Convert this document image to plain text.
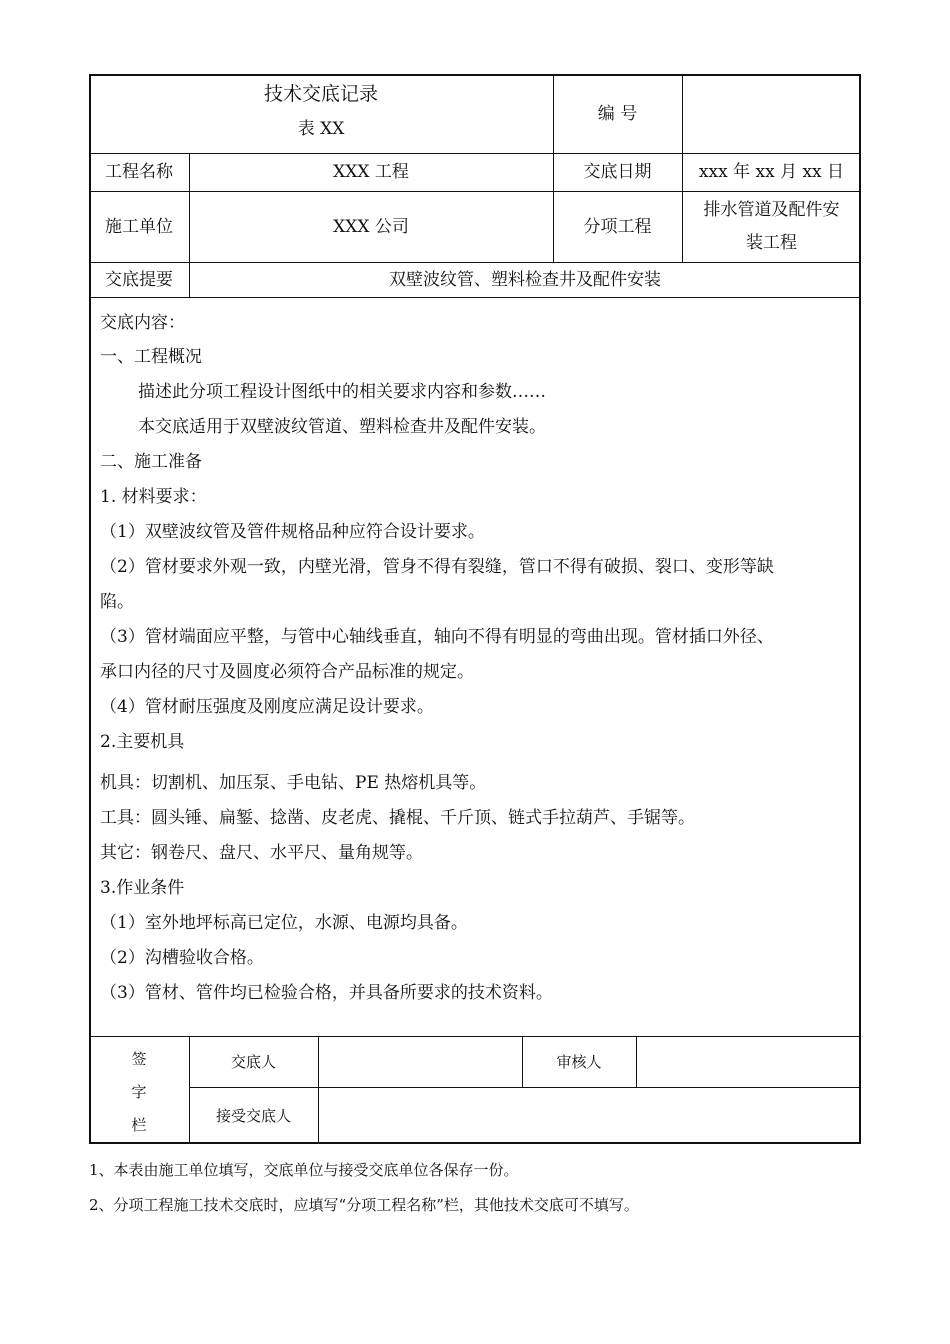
技术交底记录
表 XX
编 号
工程名称	XXX 工程	交底日期	xxx 年 xx 月 xx 日
施工单位	XXX 公司	分项工程
排水管道及配件安
装工程
交底提要	双壁波纹管、塑料检查井及配件安装
交底内容：
一、工程概况
描述此分项工程设计图纸中的相关要求内容和参数……
本交底适用于双壁波纹管道、塑料检查井及配件安装。
二、施工准备
1. 材料要求：
（1）双壁波纹管及管件规格品种应符合设计要求。
（2）管材要求外观一致，内壁光滑，管身不得有裂缝，管口不得有破损、裂口、变形等缺
陷。
（3）管材端面应平整，与管中心轴线垂直，轴向不得有明显的弯曲出现。管材插口外径、
承口内径的尺寸及圆度必须符合产品标准的规定。
（4）管材耐压强度及刚度应满足设计要求。
2.主要机具
机具：切割机、加压泵、手电钻、PE 热熔机具等。
工具：圆头锤、扁錾、捻凿、皮老虎、撬棍、千斤顶、链式手拉葫芦、手锯等。
其它：钢卷尺、盘尺、水平尺、量角规等。
3.作业条件
（1）室外地坪标高已定位，水源、电源均具备。
（2）沟槽验收合格。
（3）管材、管件均已检验合格，并具备所要求的技术资料。
签
字
栏
交底人	审核人
接受交底人
1、本表由施工单位填写，交底单位与接受交底单位各保存一份。
2、分项工程施工技术交底时，应填写“分项工程名称”栏，其他技术交底可不填写。
